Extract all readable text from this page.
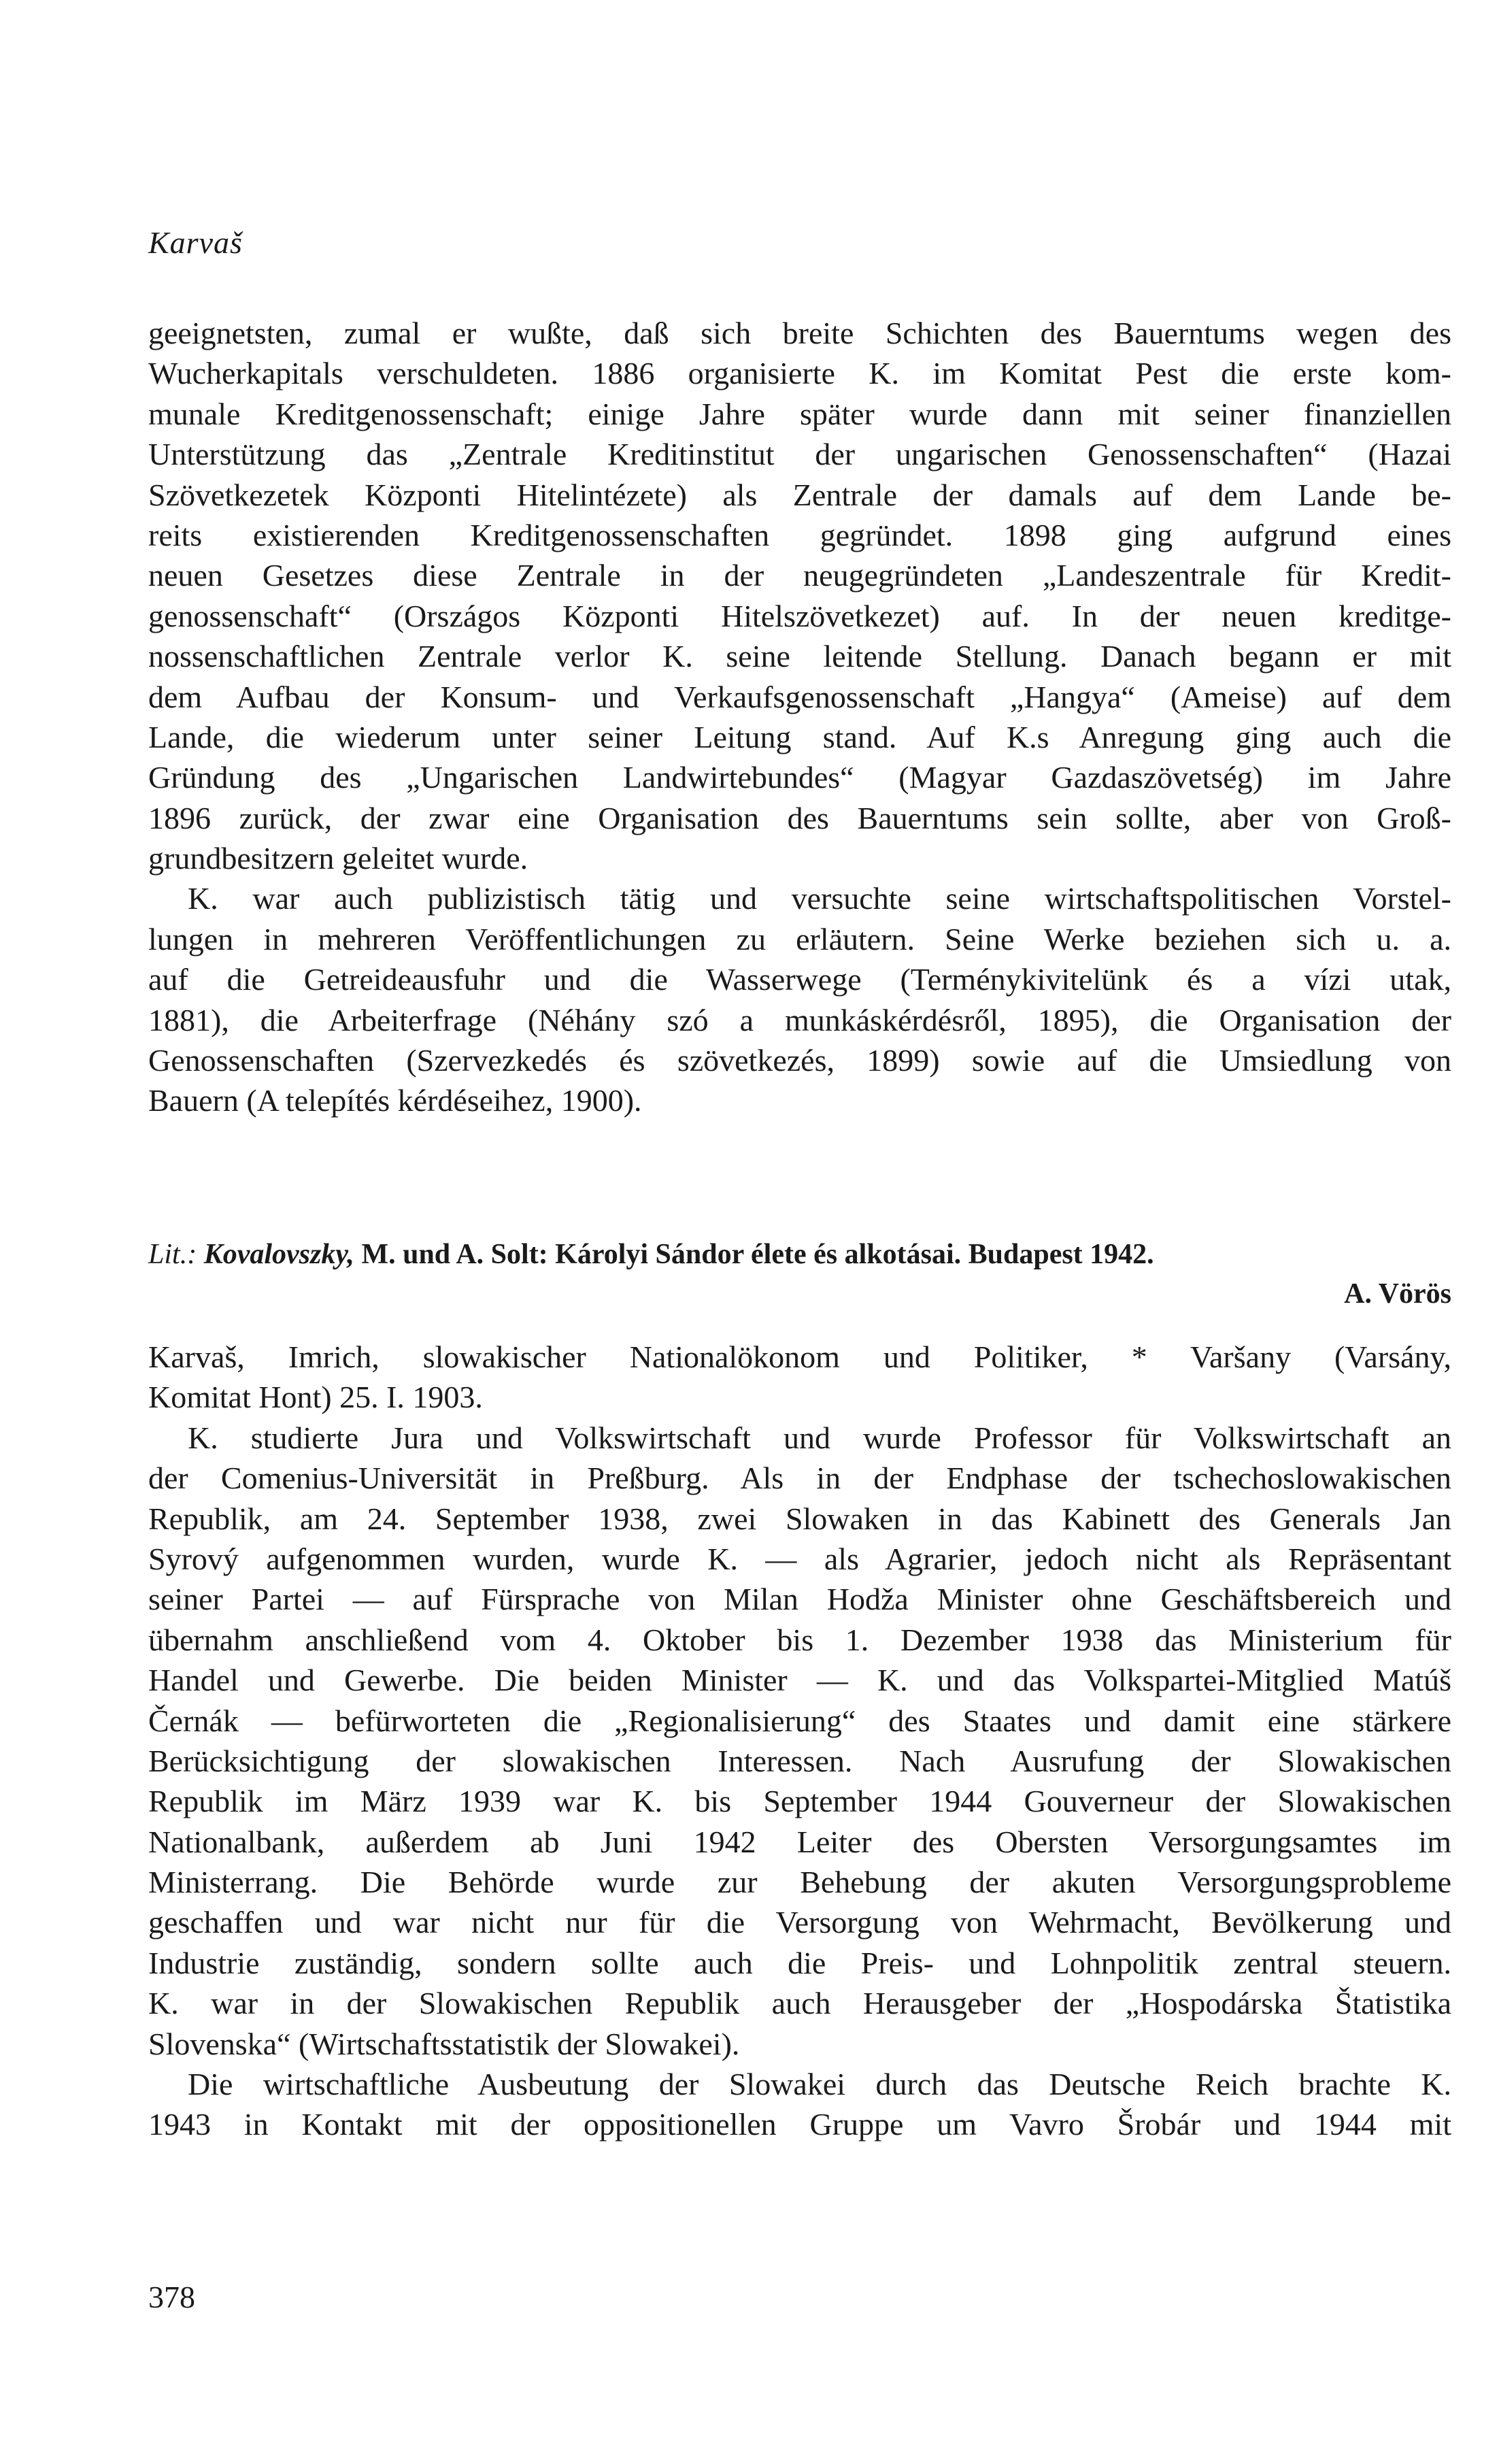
Karvaš
geeignetsten, zumal er wußte, daß sich breite Schichten des Bauerntums wegen des
Wucherkapitals verschuldeten. 1886 organisierte K. im Komitat Pest die erste kom-
munale Kreditgenossenschaft; einige Jahre später wurde dann mit seiner finanziellen
Unterstützung das „Zentrale Kreditinstitut der ungarischen Genossenschaften“ (Hazai
Szövetkezetek Központi Hitelintézete) als Zentrale der damals auf dem Lande be-
reits existierenden Kreditgenossenschaften gegründet. 1898 ging aufgrund eines
neuen Gesetzes diese Zentrale in der neugegründeten „Landeszentrale für Kredit-
genossenschaft“ (Országos Központi Hitelszövetkezet) auf. In der neuen kreditge-
nossenschaftlichen Zentrale verlor K. seine leitende Stellung. Danach begann er mit
dem Aufbau der Konsum- und Verkaufsgenossenschaft „Hangya“ (Ameise) auf dem
Lande, die wiederum unter seiner Leitung stand. Auf K.s Anregung ging auch die
Gründung des „Ungarischen Landwirtebundes“ (Magyar Gazdaszövetség) im Jahre
1896 zurück, der zwar eine Organisation des Bauerntums sein sollte, aber von Groß-
grundbesitzern geleitet wurde.
K. war auch publizistisch tätig und versuchte seine wirtschaftspolitischen Vorstel-
lungen in mehreren Veröffentlichungen zu erläutern. Seine Werke beziehen sich u. a.
auf die Getreideausfuhr und die Wasserwege (Terménykivitelünk és a vízi utak,
1881), die Arbeiterfrage (Néhány szó a munkáskérdésről, 1895), die Organisation der
Genossenschaften (Szervezkedés és szövetkezés, 1899) sowie auf die Umsiedlung von
Bauern (A telepítés kérdéseihez, 1900).
Lit.: Kovalovszky, M. und A. Solt: Károlyi Sándor élete és alkotásai. Budapest 1942.
A. Vörös
Karvaš, Imrich, slowakischer Nationalökonom und Politiker, * Varšany (Varsány,
Komitat Hont) 25. I. 1903.
K. studierte Jura und Volkswirtschaft und wurde Professor für Volkswirtschaft an
der Comenius-Universität in Preßburg. Als in der Endphase der tschechoslowakischen
Republik, am 24. September 1938, zwei Slowaken in das Kabinett des Generals Jan
Syrový aufgenommen wurden, wurde K. — als Agrarier, jedoch nicht als Repräsentant
seiner Partei — auf Fürsprache von Milan Hodža Minister ohne Geschäftsbereich und
übernahm anschließend vom 4. Oktober bis 1. Dezember 1938 das Ministerium für
Handel und Gewerbe. Die beiden Minister — K. und das Volkspartei-Mitglied Matúš
Černák — befürworteten die „Regionalisierung“ des Staates und damit eine stärkere
Berücksichtigung der slowakischen Interessen. Nach Ausrufung der Slowakischen
Republik im März 1939 war K. bis September 1944 Gouverneur der Slowakischen
Nationalbank, außerdem ab Juni 1942 Leiter des Obersten Versorgungsamtes im
Ministerrang. Die Behörde wurde zur Behebung der akuten Versorgungsprobleme
geschaffen und war nicht nur für die Versorgung von Wehrmacht, Bevölkerung und
Industrie zuständig, sondern sollte auch die Preis- und Lohnpolitik zentral steuern.
K. war in der Slowakischen Republik auch Herausgeber der „Hospodárska Štatistika
Slovenska“ (Wirtschaftsstatistik der Slowakei).
Die wirtschaftliche Ausbeutung der Slowakei durch das Deutsche Reich brachte K.
1943 in Kontakt mit der oppositionellen Gruppe um Vavro Šrobár und 1944 mit
378
